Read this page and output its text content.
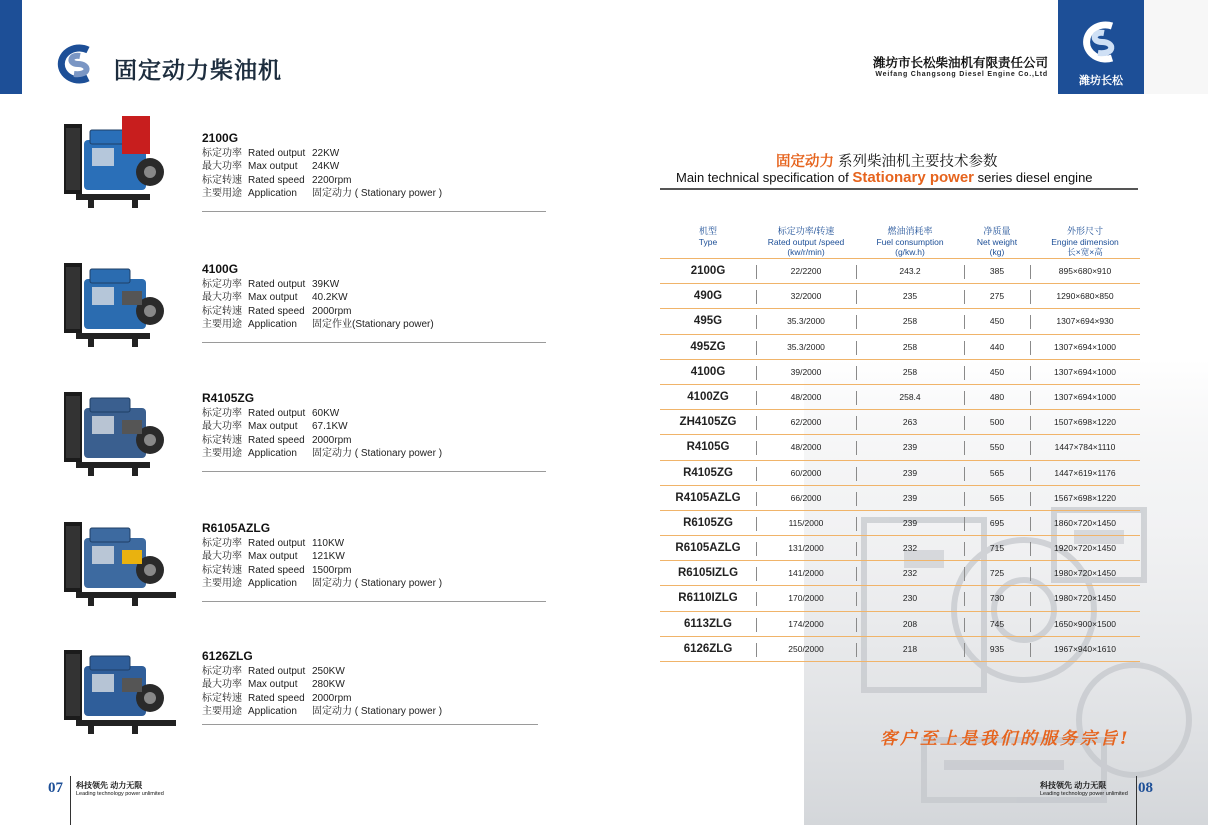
固定动力柴油机
2100G
标定功率 Rated output 22KW
最大功率 Max output 24KW
标定转速 Rated speed 2200rpm
主要用途 Application 固定动力 ( Stationary power )
4100G
标定功率 Rated output 39KW
最大功率 Max output 40.2KW
标定转速 Rated speed 2000rpm
主要用途 Application 固定作业(Stationary power)
R4105ZG
标定功率 Rated output 60KW
最大功率 Max output 67.1KW
标定转速 Rated speed 2000rpm
主要用途 Application 固定动力 ( Stationary power )
R6105AZLG
标定功率 Rated output 110KW
最大功率 Max output 121KW
标定转速 Rated speed 1500rpm
主要用途 Application 固定动力 ( Stationary power )
6126ZLG
标定功率 Rated output 250KW
最大功率 Max output 280KW
标定转速 Rated speed 2000rpm
主要用途 Application 固定动力 ( Stationary power )
07 科技领先 动力无限
Leading technology power unlimited
潍坊长松
潍坊市长松柴油机有限责任公司
Weifang Changsong Diesel Engine Co.,Ltd
固定动力 系列柴油机主要技术参数
Main technical specification of Stationary power series diesel engine
机型
Type
标定功率/转速
Rated output /speed
(kw/r/min)
燃油消耗率
Fuel consumption
(g/kw.h)
净质量
Net weight
(kg)
外形尺寸
Engine dimension
长×宽×高
2100G	22/2200	243.2	385	895×680×910
490G	32/2000	235	275	1290×680×850
495G	35.3/2000	258	450	1307×694×930
495ZG	35.3/2000	258	440	1307×694×1000
4100G	39/2000	258	450	1307×694×1000
4100ZG	48/2000	258.4	480	1307×694×1000
ZH4105ZG	62/2000	263	500	1507×698×1220
R4105G	48/2000	239	550	1447×784×1110
R4105ZG	60/2000	239	565	1447×619×1176
R4105AZLG	66/2000	239	565	1567×698×1220
R6105ZG	115/2000	239	695	1860×720×1450
R6105AZLG	131/2000	232	715	1920×720×1450
R6105IZLG	141/2000	232	725	1980×720×1450
R6110IZLG	170/2000	230	730	1980×720×1450
6113ZLG	174/2000	208	745	1650×900×1500
6126ZLG	250/2000	218	935	1967×940×1610
客户至上是我们的服务宗旨!
科技领先 动力无限
Leading technology power unlimited 08
